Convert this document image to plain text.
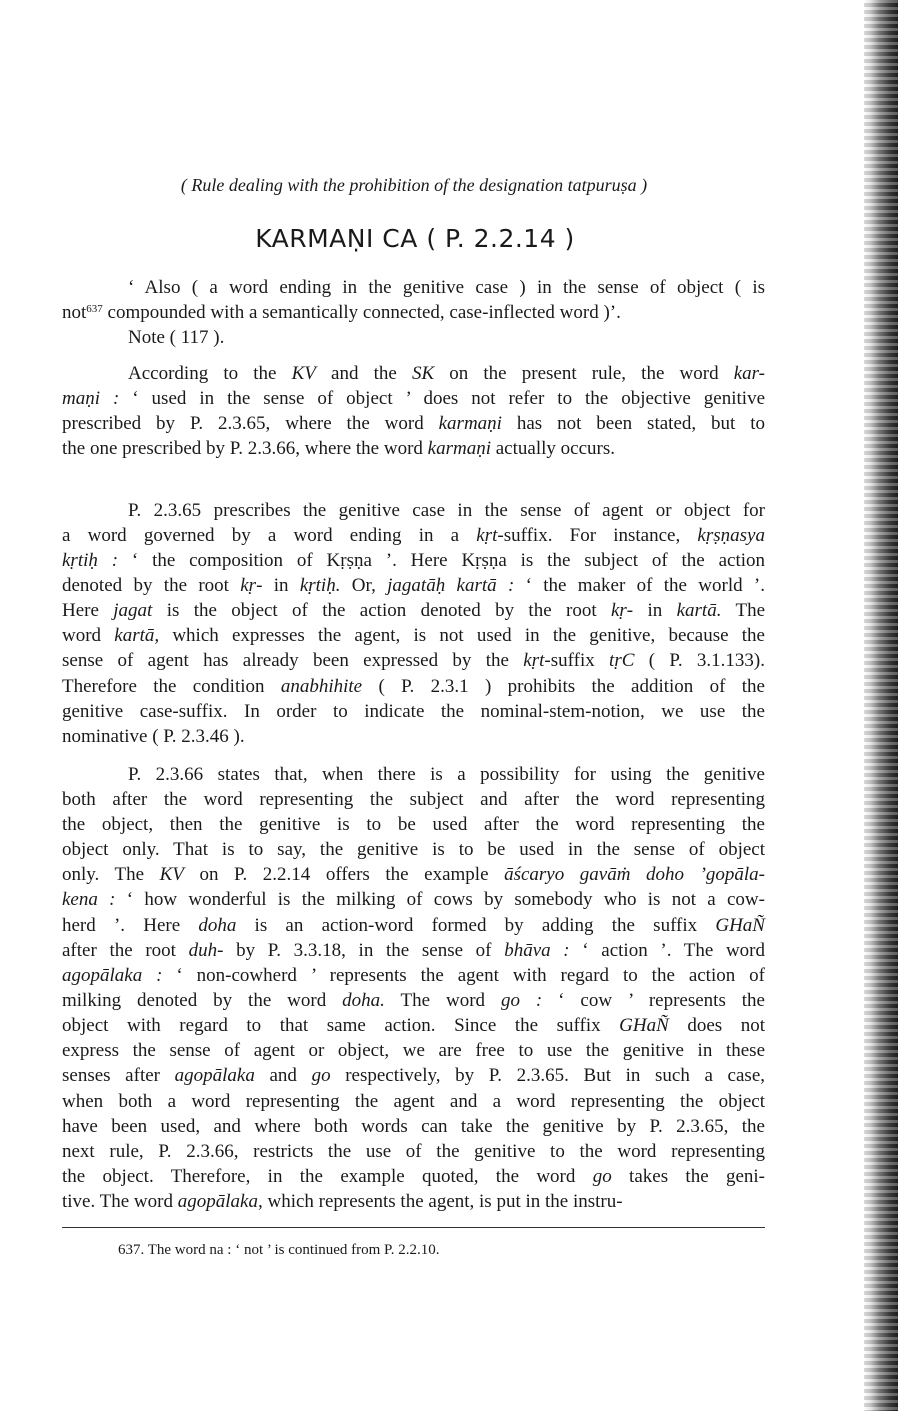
( Rule dealing with the prohibition of the designation tatpuruṣa )
KARMAṆI CA ( P. 2.2.14 )
‘ Also ( a word ending in the genitive case ) in the sense of object ( is
not$^{637}$ compounded with a semantically connected, case-inflected word )’.
Note ( 117 ).
According to the KV and the SK on the present rule, the word kar-
maṇi : ‘ used in the sense of object ’ does not refer to the objective genitive
prescribed by P. 2.3.65, where the word karmaṇi has not been stated, but to
the one prescribed by P. 2.3.66, where the word karmaṇi actually occurs.
P. 2.3.65 prescribes the genitive case in the sense of agent or object for
a word governed by a word ending in a kṛt-suffix. For instance, kṛṣṇasya
kṛtiḥ : ‘ the composition of Kṛṣṇa ’. Here Kṛṣṇa is the subject of the action
denoted by the root kṛ- in kṛtiḥ. Or, jagatāḥ kartā : ‘ the maker of the world ’.
Here jagat is the object of the action denoted by the root kṛ- in kartā. The
word kartā, which expresses the agent, is not used in the genitive, because the
sense of agent has already been expressed by the kṛt-suffix tṛC ( P. 3.1.133).
Therefore the condition anabhihite ( P. 2.3.1 ) prohibits the addition of the
genitive case-suffix. In order to indicate the nominal-stem-notion, we use the
nominative ( P. 2.3.46 ).
P. 2.3.66 states that, when there is a possibility for using the genitive
both after the word representing the subject and after the word representing
the object, then the genitive is to be used after the word representing the
object only. That is to say, the genitive is to be used in the sense of object
only. The KV on P. 2.2.14 offers the example āścaryo gavāṁ doho ’gopāla-
kena : ‘ how wonderful is the milking of cows by somebody who is not a cow-
herd ’. Here doha is an action-word formed by adding the suffix GHaÑ
after the root duh- by P. 3.3.18, in the sense of bhāva : ‘ action ’. The word
agopālaka : ‘ non-cowherd ’ represents the agent with regard to the action of
milking denoted by the word doha. The word go : ‘ cow ’ represents the
object with regard to that same action. Since the suffix GHaÑ does not
express the sense of agent or object, we are free to use the genitive in these
senses after agopālaka and go respectively, by P. 2.3.65. But in such a case,
when both a word representing the agent and a word representing the object
have been used, and where both words can take the genitive by P. 2.3.65, the
next rule, P. 2.3.66, restricts the use of the genitive to the word representing
the object. Therefore, in the example quoted, the word go takes the geni-
tive. The word agopālaka, which represents the agent, is put in the instru-
637. The word na : ‘ not ’ is continued from P. 2.2.10.
